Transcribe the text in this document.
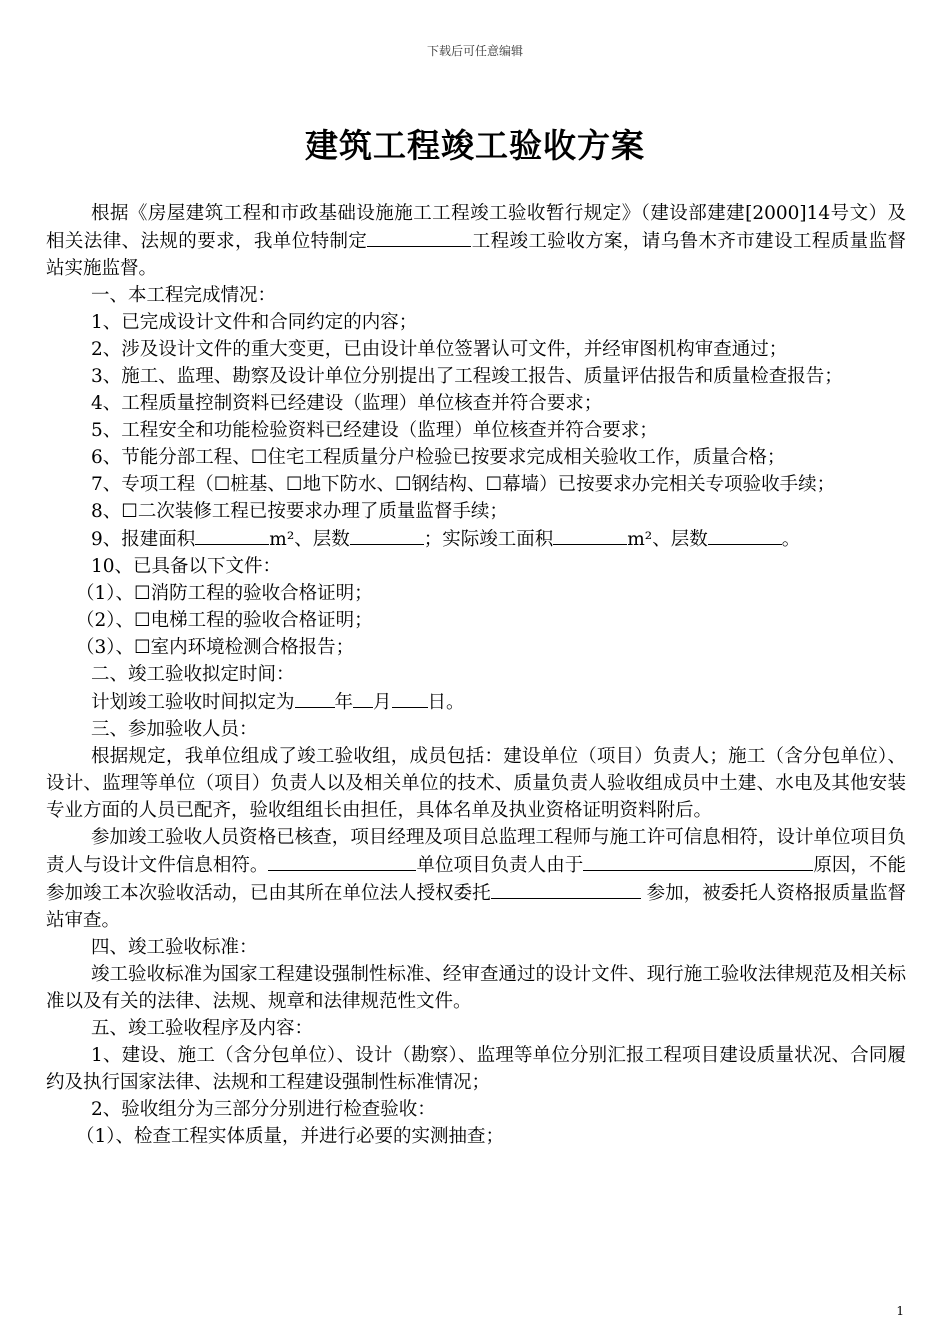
下载后可任意编辑
建筑工程竣工验收方案

根据《房屋建筑工程和市政基础设施施工工程竣工验收暂行规定》（建设部建建[2000]14号文）及相关法律、法规的要求，我单位特制定	工程竣工验收方案，请乌鲁木齐市建设工程质量监督站实施监督。

一、本工程完成情况：

1、已完成设计文件和合同约定的内容；

2、涉及设计文件的重大变更，已由设计单位签署认可文件，并经审图机构审查通过；

3、施工、监理、勘察及设计单位分别提出了工程竣工报告、质量评估报告和质量检查报告；

4、工程质量控制资料已经建设（监理）单位核查并符合要求；

5、工程安全和功能检验资料已经建设（监理）单位核查并符合要求；

6、节能分部工程、☐住宅工程质量分户检验已按要求完成相关验收工作，质量合格；

7、专项工程（☐桩基、☐地下防水、☐钢结构、☐幕墙）已按要求办完相关专项验收手续；

8、☐二次装修工程已按要求办理了质量监督手续；

9、报建面积	m²、层数	；实际竣工面积	m²、层数	。

10、已具备以下文件：

（1）、☐消防工程的验收合格证明；

（2）、☐电梯工程的验收合格证明；

（3）、☐室内环境检测合格报告；

二、竣工验收拟定时间：

计划竣工验收时间拟定为 年 月 日。

三、参加验收人员：

根据规定，我单位组成了竣工验收组，成员包括：建设单位（项目）负责人；施工（含分包单位）、设计、监理等单位（项目）负责人以及相关单位的技术、质量负责人验收组成员中土建、水电及其他安装专业方面的人员已配齐，验收组组长由担任，具体名单及执业资格证明资料附后。

参加竣工验收人员资格已核查，项目经理及项目总监理工程师与施工许可信息相符，设计单位项目负责人与设计文件信息相符。	单位项目负责人由于	原因，不能参加竣工本次验收活动，已由其所在单位法人授权委托	参加，被委托人资格报质量监督站审查。

四、竣工验收标准：

竣工验收标准为国家工程建设强制性标准、经审查通过的设计文件、现行施工验收法律规范及相关标准以及有关的法律、法规、规章和法律规范性文件。

五、竣工验收程序及内容：

1、建设、施工（含分包单位）、设计（勘察）、监理等单位分别汇报工程项目建设质量状况、合同履约及执行国家法律、法规和工程建设强制性标准情况；

2、验收组分为三部分分别进行检查验收：

（1）、检查工程实体质量，并进行必要的实测抽查；

1
